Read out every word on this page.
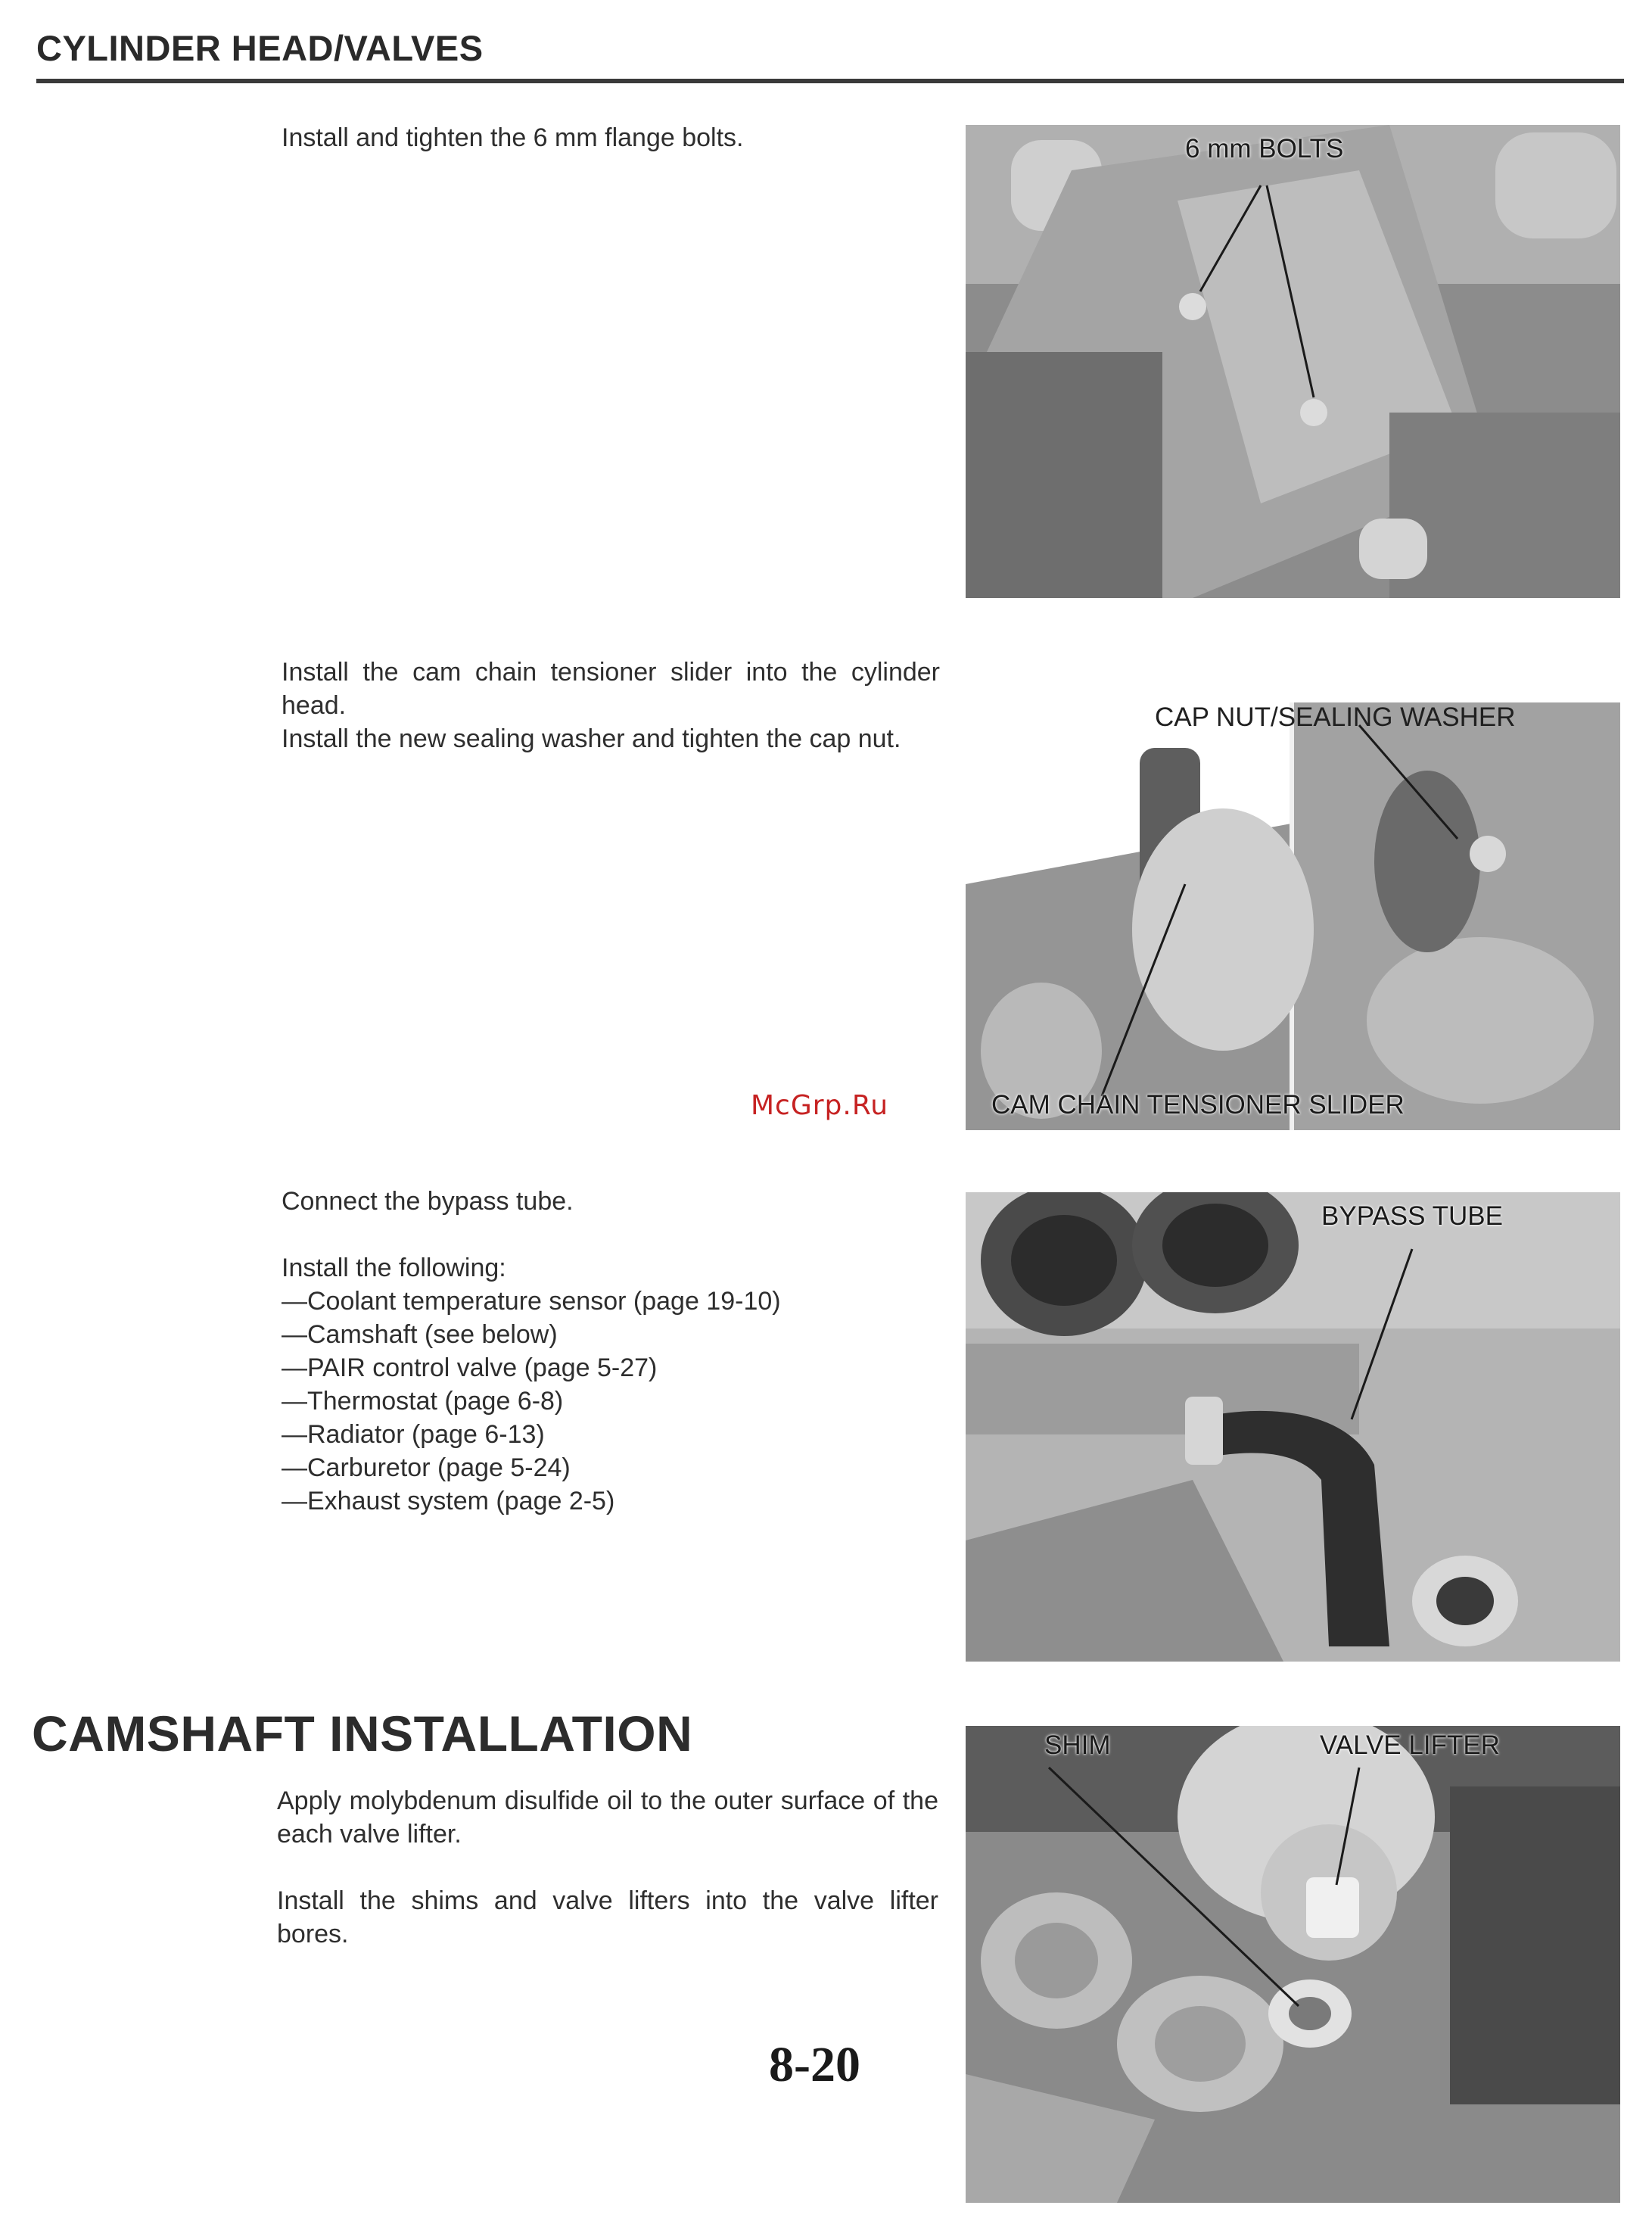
CYLINDER HEAD/VALVES

Install and tighten the 6 mm flange bolts.	6 mm BOLTS

Install the cam chain tensioner slider into the cylinder head.

Install the new sealing washer and tighten the cap nut.

CAP NUT/SEALING WASHER
CAM CHAIN TENSIONER SLIDER
McGrp.Ru

Connect the bypass tube.

Install the following:

—Coolant temperature sensor (page 19-10)
—Camshaft (see below)
—PAIR control valve (page 5-27)
—Thermostat (page 6-8)
—Radiator (page 6-13)
—Carburetor (page 5-24)
—Exhaust system (page 2-5)
BYPASS TUBE
CAMSHAFT INSTALLATION

Apply molybdenum disulfide oil to the outer surface of the each valve lifter.

Install the shims and valve lifters into the valve lifter bores.

SHIM	VALVE LIFTER
8-20
